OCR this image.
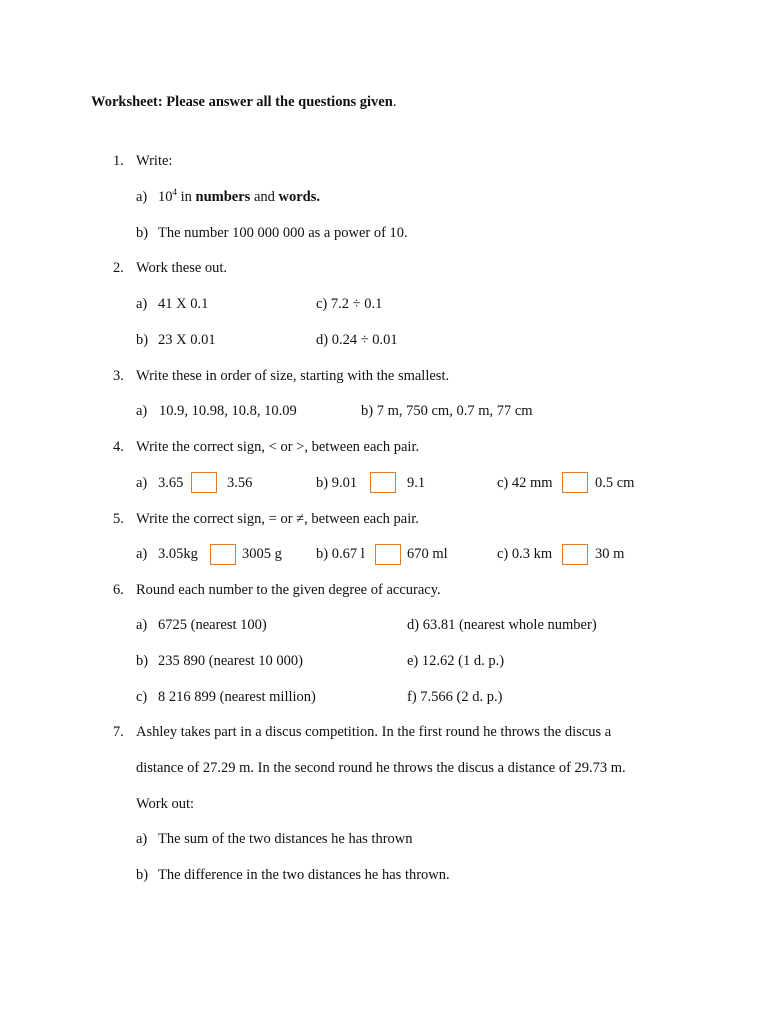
Worksheet: Please answer all the questions given.
1. Write:
a) $10^4$ in numbers and words.
b) The number 100 000 000 as a power of 10.
2. Work these out.
a) 41 X 0.1	c) 7.2 ÷ 0.1
b) 23 X 0.01	d) 0.24 ÷ 0.01
3. Write these in order of size, starting with the smallest.
a) 10.9, 10.98, 10.8, 10.09	b) 7 m, 750 cm, 0.7 m, 77 cm
4. Write the correct sign, < or >, between each pair.
a) 3.65	3.56	b) 9.01	9.1	c) 42 mm	0.5 cm
5. Write the correct sign, = or ≠, between each pair.
a) 3.05kg	3005 g b) 0.67 l	670 ml	c) 0.3 km	30 m
6. Round each number to the given degree of accuracy.
a) 6725 (nearest 100)	d) 63.81 (nearest whole number)
b) 235 890 (nearest 10 000)	e) 12.62 (1 d. p.)
c) 8 216 899 (nearest million)	f) 7.566 (2 d. p.)
7. Ashley takes part in a discus competition. In the first round he throws the discus a
distance of 27.29 m. In the second round he throws the discus a distance of 29.73 m.
Work out:
a) The sum of the two distances he has thrown
b) The difference in the two distances he has thrown.
